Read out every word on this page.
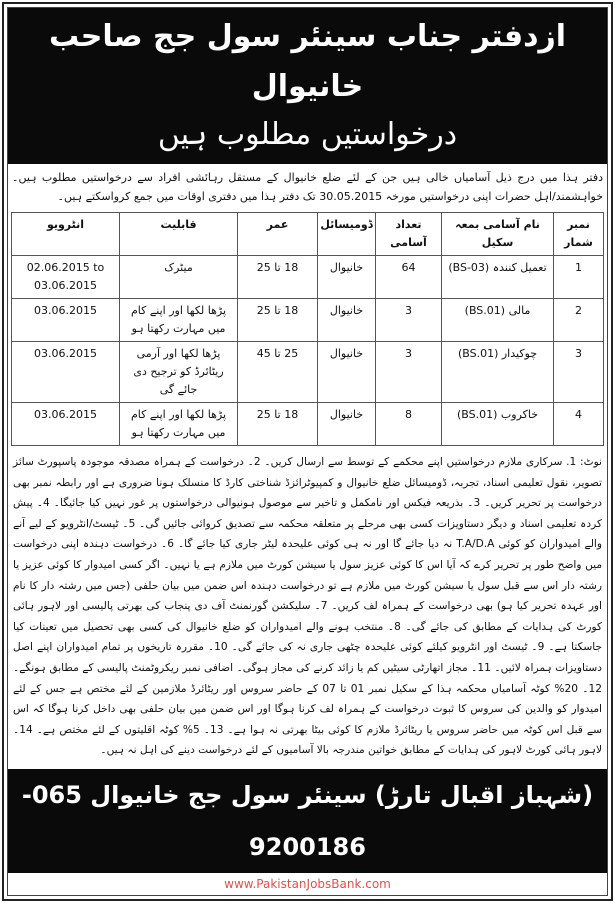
ازدفتر جناب سینئر سول جج صاحب خانیوال
درخواستیں مطلوب ہیں
دفتر ہذا میں درج ذیل آسامیاں خالی ہیں جن کے لئے ضلع خانیوال کے مستقل رہائشی افراد سے درخواستیں مطلوب ہیں۔ خواہشمند/اہل حضرات اپنی درخواستیں مورخہ 30.05.2015 تک دفتر ہذا میں دفتری اوقات میں جمع کرواسکتے ہیں۔
نمبر شمار	نام آسامی بمعہ سکیل	تعداد آسامی	ڈومیسائل	عمر	قابلیت	انٹرویو
1	تعمیل کنندہ (BS-03)	64	خانیوال	18 تا 25	میٹرک	02.06.2015 to 03.06.2015
2	مالی (BS.01)	3	خانیوال	18 تا 25	پڑھا لکھا اور اپنے کام میں مہارت رکھتا ہو	03.06.2015
3	چوکیدار (BS.01)	3	خانیوال	25 تا 45	پڑھا لکھا اور آرمی ریٹائرڈ کو ترجیح دی جائے گی	03.06.2015
4	خاکروب (BS.01)	8	خانیوال	18 تا 25	پڑھا لکھا اور اپنے کام میں مہارت رکھتا ہو	03.06.2015
نوٹ: 1. سرکاری ملازم درخواستیں اپنے محکمے کے توسط سے ارسال کریں۔ 2۔ درخواست کے ہمراہ مصدقہ موجودہ پاسپورٹ سائز تصویر، نقول تعلیمی اسناد، تجربہ، ڈومیسائل ضلع خانیوال و کمپیوٹرائزڈ شناختی کارڈ کا منسلک ہونا ضروری ہے اور رابطہ نمبر بھی درخواست پر تحریر کریں۔ 3۔ بذریعہ فیکس اور نامکمل و تاخیر سے موصول ہونیوالی درخواستوں پر غور نہیں کیا جائیگا۔ 4۔ پیش کردہ تعلیمی اسناد و دیگر دستاویزات کسی بھی مرحلے پر متعلقہ محکمہ سے تصدیق کروائی جائیں گی۔ 5۔ ٹیسٹ/انٹرویو کے لیے آنے والے امیدواران کو کوئی T.A/D.A نہ دیا جائے گا اور نہ ہی کوئی علیحدہ لیٹر جاری کیا جائے گا۔ 6۔ درخواست دہندہ اپنی درخواست میں واضح طور پر تحریر کرے کہ آیا اس کا کوئی عزیز سول یا سیشن کورٹ میں ملازم ہے یا نہیں۔ اگر کسی امیدوار کا کوئی عزیز یا رشتہ دار اس سے قبل سول یا سیشن کورٹ میں ملازم ہے تو درخواست دہندہ اس ضمن میں بیان حلفی (جس میں رشتہ دار کا نام اور عہدہ تحریر کیا ہو) بھی درخواست کے ہمراہ لف کریں۔ 7۔ سلیکشن گورنمنٹ آف دی پنجاب کی بھرتی پالیسی اور لاہور ہائی کورٹ کی ہدایات کے مطابق کی جائے گی۔ 8۔ منتخب ہونے والے امیدواران کو ضلع خانیوال کی کسی بھی تحصیل میں تعینات کیا جاسکتا ہے۔ 9۔ ٹیسٹ اور انٹرویو کیلئے کوئی علیحدہ چٹھی جاری نہ کی جائے گی۔ 10۔ مقررہ تاریخوں پر تمام امیدواران اپنے اصل دستاویزات ہمراہ لائیں۔ 11۔ مجاز اتھارٹی سیٹیں کم یا زائد کرنے کی مجاز ہوگی۔ اضافی نمبر ریکروٹمنٹ پالیسی کے مطابق ہونگے۔ 12۔ 20% کوٹہ آسامیاں محکمہ ہذا کے سکیل نمبر 01 تا 07 کے حاضر سروس اور ریٹائرڈ ملازمین کے لئے مختص ہے جس کے لئے امیدوار کو والدین کی سروس کا ثبوت درخواست کے ہمراہ لف کرنا ہوگا اور اس ضمن میں بیان حلفی بھی داخل کرنا ہوگا کہ اس سے قبل اس کوٹہ میں حاضر سروس یا ریٹائرڈ ملازم کا کوئی بیٹا بھرتی نہ ہوا ہے۔ 13۔ 5% کوٹہ اقلیتوں کے لئے مختص ہے۔ 14۔ لاہور ہائی کورٹ لاہور کی ہدایات کے مطابق خواتین مندرجہ بالا آسامیوں کے لئے درخواست دینے کی اہل نہ ہیں۔
(شہباز اقبال تارڑ) سینئر سول جج خانیوال 065-9200186
www.PakistanJobsBank.com
